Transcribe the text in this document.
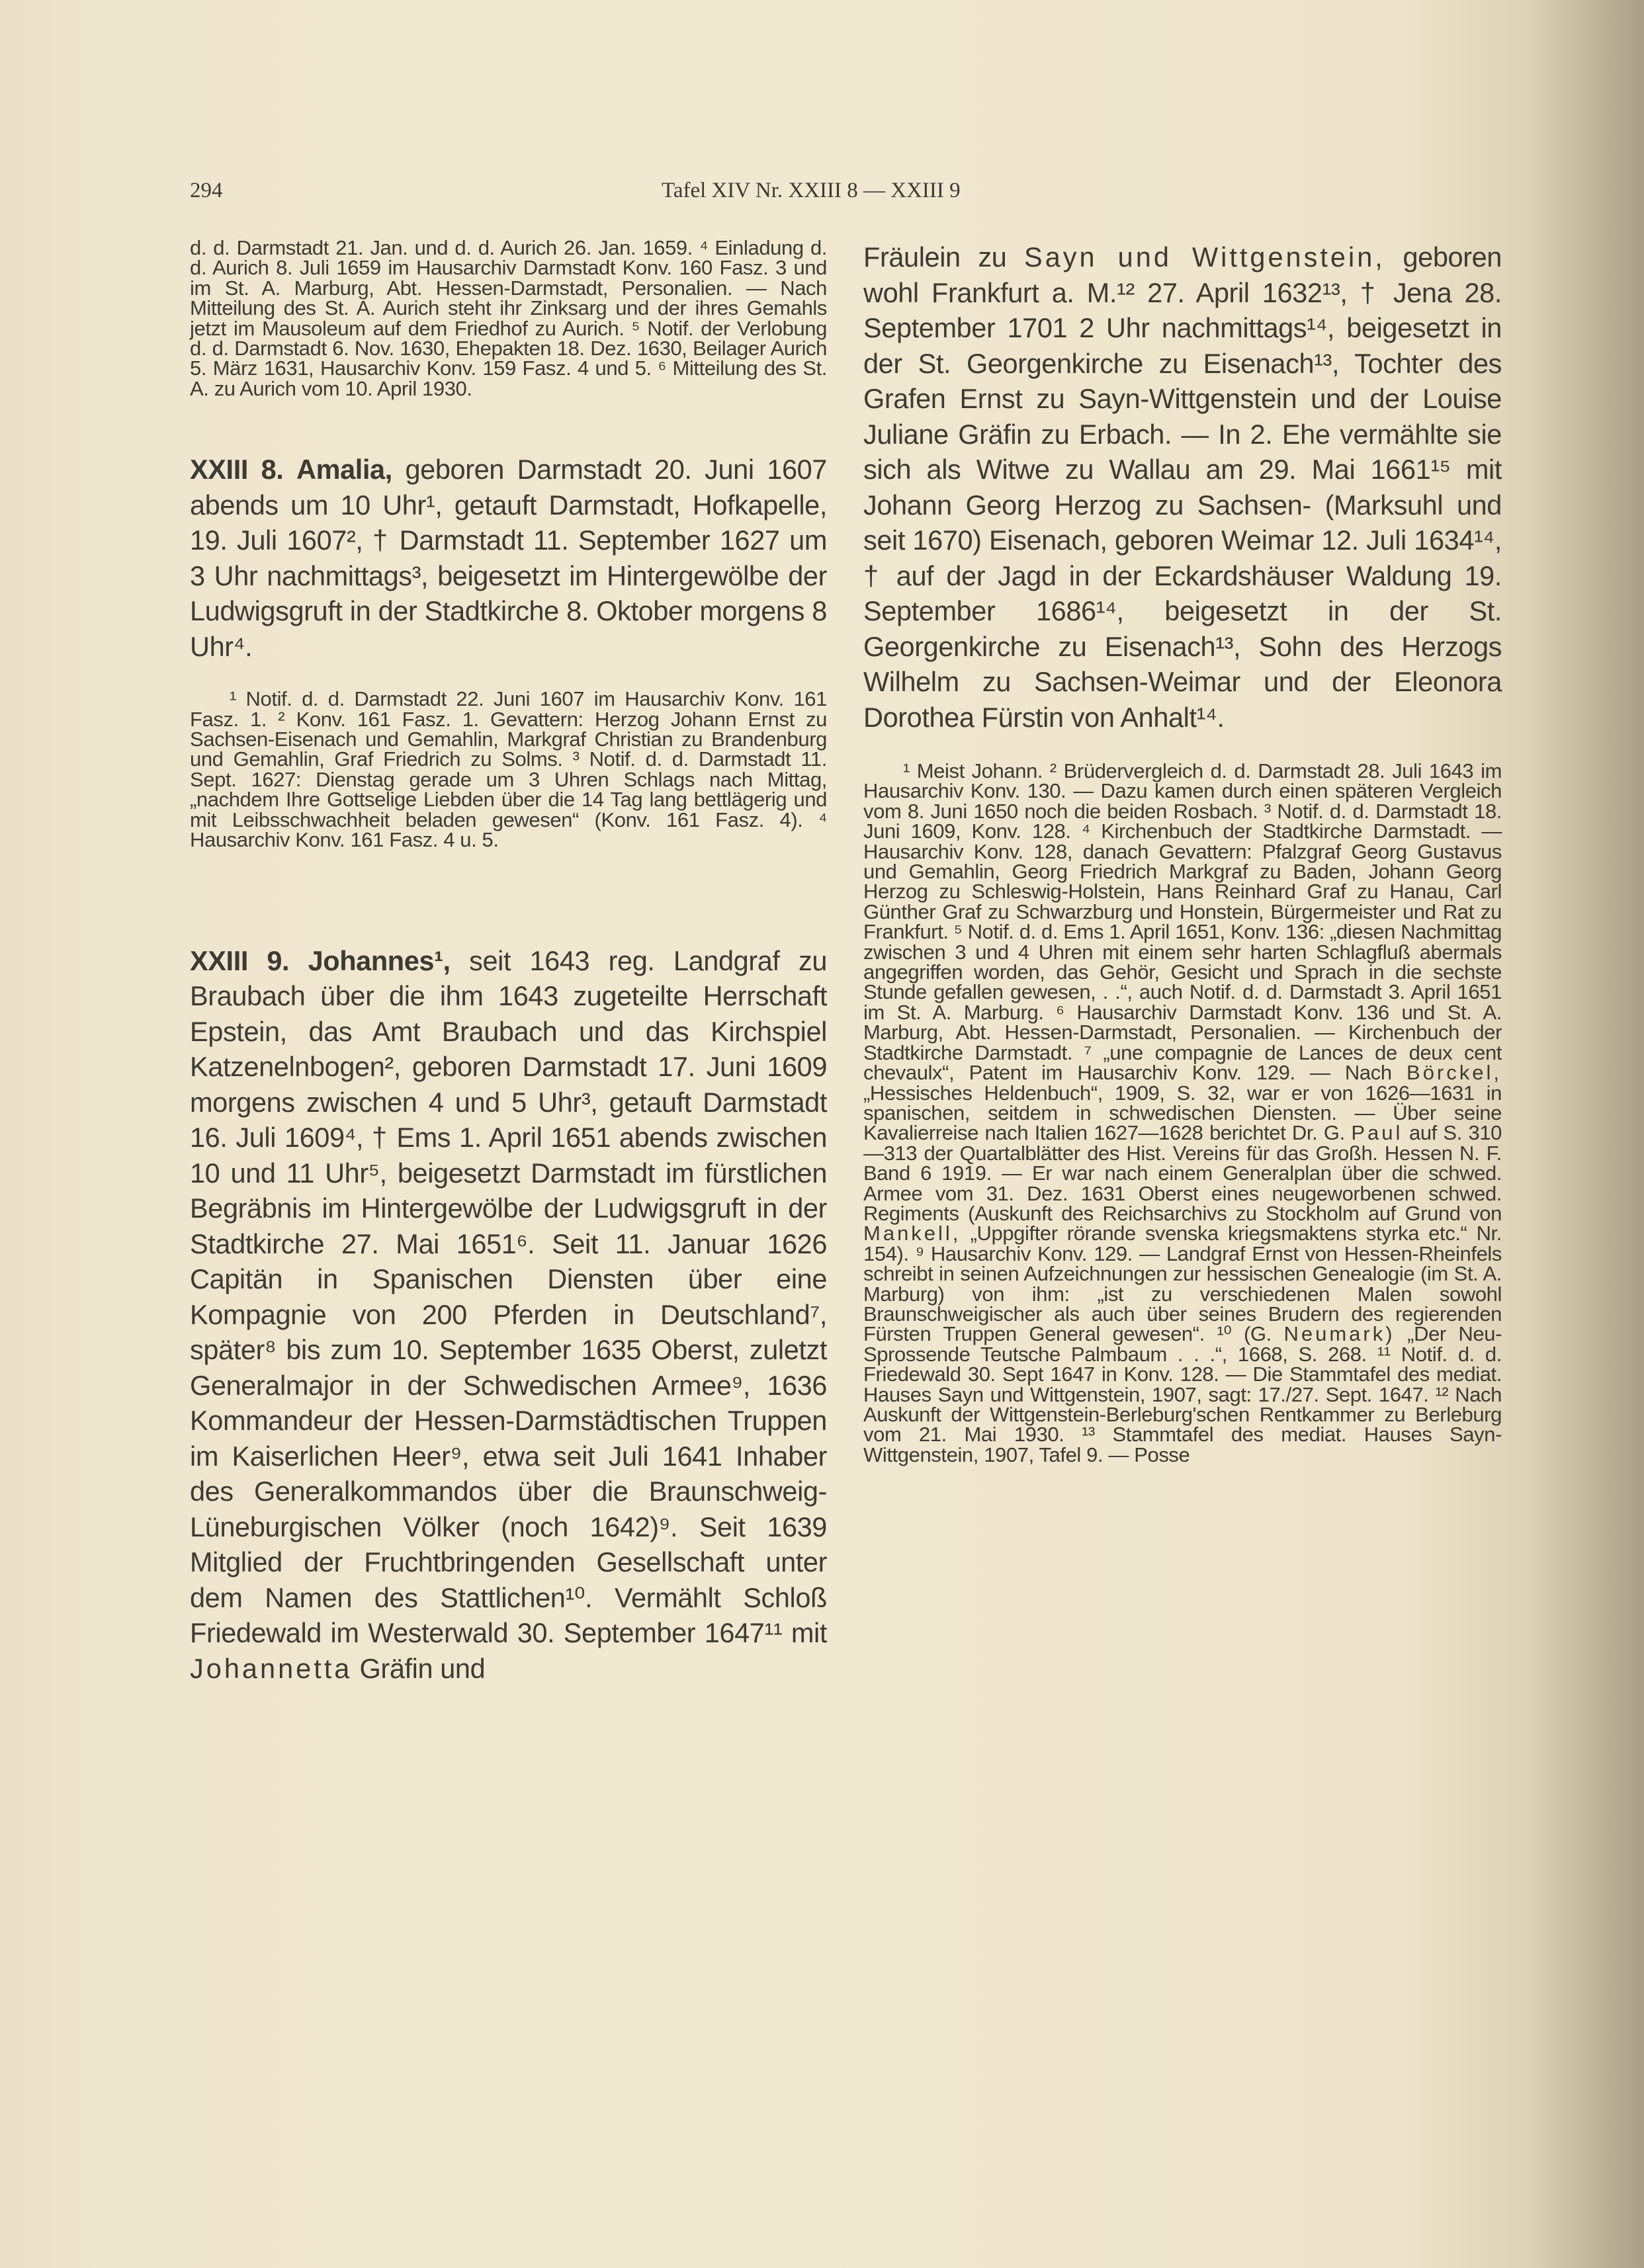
294	Tafel XIV Nr. XXIII 8 — XXIII 9

d. d. Darmstadt 21. Jan. und d. d. Aurich 26. Jan. 1659. ⁴ Einladung d. d. Aurich 8. Juli 1659 im Hausarchiv Darmstadt Konv. 160 Fasz. 3 und im St. A. Marburg, Abt. Hessen-Darmstadt, Personalien. — Nach Mitteilung des St. A. Aurich steht ihr Zinksarg und der ihres Gemahls jetzt im Mausoleum auf dem Friedhof zu Aurich. ⁵ Notif. der Verlobung d. d. Darmstadt 6. Nov. 1630, Ehepakten 18. Dez. 1630, Beilager Aurich 5. März 1631, Hausarchiv Konv. 159 Fasz. 4 und 5. ⁶ Mitteilung des St. A. zu Aurich vom 10. April 1930.

XXIII 8. Amalia, geboren Darmstadt 20. Juni 1607 abends um 10 Uhr¹, getauft Darmstadt, Hofkapelle, 19. Juli 1607², † Darmstadt 11. September 1627 um 3 Uhr nachmittags³, beigesetzt im Hintergewölbe der Ludwigsgruft in der Stadtkirche 8. Oktober morgens 8 Uhr⁴.

¹ Notif. d. d. Darmstadt 22. Juni 1607 im Hausarchiv Konv. 161 Fasz. 1. ² Konv. 161 Fasz. 1. Gevattern: Herzog Johann Ernst zu Sachsen-Eisenach und Gemahlin, Markgraf Christian zu Brandenburg und Gemahlin, Graf Friedrich zu Solms. ³ Notif. d. d. Darmstadt 11. Sept. 1627: Dienstag gerade um 3 Uhren Schlags nach Mittag, „nachdem Ihre Gottselige Liebden über die 14 Tag lang bettlägerig und mit Leibsschwachheit beladen gewesen“ (Konv. 161 Fasz. 4). ⁴ Hausarchiv Konv. 161 Fasz. 4 u. 5.

XXIII 9. Johannes¹, seit 1643 reg. Landgraf zu Braubach über die ihm 1643 zugeteilte Herrschaft Epstein, das Amt Braubach und das Kirchspiel Katzenelnbogen², geboren Darmstadt 17. Juni 1609 morgens zwischen 4 und 5 Uhr³, getauft Darmstadt 16. Juli 1609⁴, † Ems 1. April 1651 abends zwischen 10 und 11 Uhr⁵, beigesetzt Darmstadt im fürstlichen Begräbnis im Hintergewölbe der Ludwigsgruft in der Stadtkirche 27. Mai 1651⁶. Seit 11. Januar 1626 Capitän in Spanischen Diensten über eine Kompagnie von 200 Pferden in Deutschland⁷, später⁸ bis zum 10. September 1635 Oberst, zuletzt Generalmajor in der Schwedischen Armee⁹, 1636 Kommandeur der Hessen-Darmstädtischen Truppen im Kaiserlichen Heer⁹, etwa seit Juli 1641 Inhaber des Generalkommandos über die Braunschweig-Lüneburgischen Völker (noch 1642)⁹. Seit 1639 Mitglied der Fruchtbringenden Gesellschaft unter dem Namen des Stattlichen¹⁰. Vermählt Schloß Friedewald im Westerwald 30. September 1647¹¹ mit Johannetta Gräfin und

Fräulein zu Sayn und Wittgenstein, geboren wohl Frankfurt a. M.¹² 27. April 1632¹³, † Jena 28. September 1701 2 Uhr nachmittags¹⁴, beigesetzt in der St. Georgenkirche zu Eisenach¹³, Tochter des Grafen Ernst zu Sayn-Wittgenstein und der Louise Juliane Gräfin zu Erbach. — In 2. Ehe vermählte sie sich als Witwe zu Wallau am 29. Mai 1661¹⁵ mit Johann Georg Herzog zu Sachsen- (Marksuhl und seit 1670) Eisenach, geboren Weimar 12. Juli 1634¹⁴, † auf der Jagd in der Eckardshäuser Waldung 19. September 1686¹⁴, beigesetzt in der St. Georgenkirche zu Eisenach¹³, Sohn des Herzogs Wilhelm zu Sachsen-Weimar und der Eleonora Dorothea Fürstin von Anhalt¹⁴.

¹ Meist Johann. ² Brüdervergleich d. d. Darmstadt 28. Juli 1643 im Hausarchiv Konv. 130. — Dazu kamen durch einen späteren Vergleich vom 8. Juni 1650 noch die beiden Rosbach. ³ Notif. d. d. Darmstadt 18. Juni 1609, Konv. 128. ⁴ Kirchenbuch der Stadtkirche Darmstadt. — Hausarchiv Konv. 128, danach Gevattern: Pfalzgraf Georg Gustavus und Gemahlin, Georg Friedrich Markgraf zu Baden, Johann Georg Herzog zu Schleswig-Holstein, Hans Reinhard Graf zu Hanau, Carl Günther Graf zu Schwarzburg und Honstein, Bürgermeister und Rat zu Frankfurt. ⁵ Notif. d. d. Ems 1. April 1651, Konv. 136: „diesen Nachmittag zwischen 3 und 4 Uhren mit einem sehr harten Schlagfluß abermals angegriffen worden, das Gehör, Gesicht und Sprach in die sechste Stunde gefallen gewesen, . .“, auch Notif. d. d. Darmstadt 3. April 1651 im St. A. Marburg. ⁶ Hausarchiv Darmstadt Konv. 136 und St. A. Marburg, Abt. Hessen-Darmstadt, Personalien. — Kirchenbuch der Stadtkirche Darmstadt. ⁷ „une compagnie de Lances de deux cent chevaulx“, Patent im Hausarchiv Konv. 129. — Nach Börckel, „Hessisches Heldenbuch“, 1909, S. 32, war er von 1626—1631 in spanischen, seitdem in schwedischen Diensten. — Über seine Kavalierreise nach Italien 1627—1628 berichtet Dr. G. Paul auf S. 310—313 der Quartalblätter des Hist. Vereins für das Großh. Hessen N. F. Band 6 1919. — Er war nach einem Generalplan über die schwed. Armee vom 31. Dez. 1631 Oberst eines neugeworbenen schwed. Regiments (Auskunft des Reichsarchivs zu Stockholm auf Grund von Mankell, „Uppgifter rörande svenska kriegsmaktens styrka etc.“ Nr. 154). ⁹ Hausarchiv Konv. 129. — Landgraf Ernst von Hessen-Rheinfels schreibt in seinen Aufzeichnungen zur hessischen Genealogie (im St. A. Marburg) von ihm: „ist zu verschiedenen Malen sowohl Braunschweigischer als auch über seines Brudern des regierenden Fürsten Truppen General gewesen“. ¹⁰ (G. Neumark) „Der Neu-Sprossende Teutsche Palmbaum . . .“, 1668, S. 268. ¹¹ Notif. d. d. Friedewald 30. Sept 1647 in Konv. 128. — Die Stammtafel des mediat. Hauses Sayn und Wittgenstein, 1907, sagt: 17./27. Sept. 1647. ¹² Nach Auskunft der Wittgenstein-Berleburg'schen Rentkammer zu Berleburg vom 21. Mai 1930. ¹³ Stammtafel des mediat. Hauses Sayn-Wittgenstein, 1907, Tafel 9. — Posse
